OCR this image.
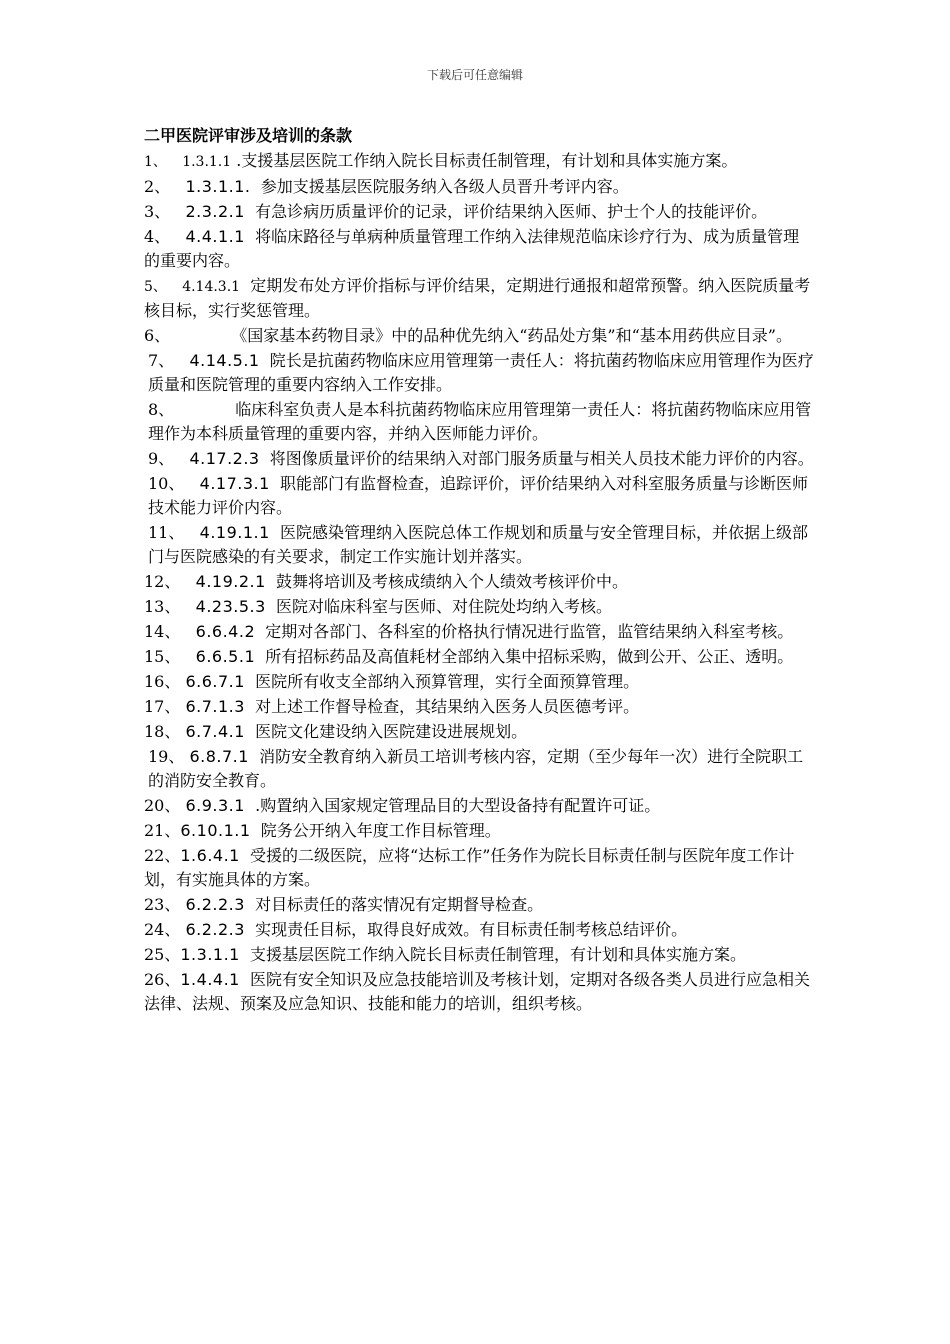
下载后可任意编辑
二甲医院评审涉及培训的条款
1、 1.3.1.1 .支援基层医院工作纳入院长目标责任制管理，有计划和具体实施方案。
2、 1.3.1.1. 参加支援基层医院服务纳入各级人员晋升考评内容。
3、 2.3.2.1 有急诊病历质量评价的记录，评价结果纳入医师、护士个人的技能评价。
4、 4.4.1.1 将临床路径与单病种质量管理工作纳入法律规范临床诊疗行为、成为质量管理的重要内容。
5、 4.14.3.1 定期发布处方评价指标与评价结果，定期进行通报和超常预警。纳入医院质量考核目标，实行奖惩管理。
6、	《国家基本药物目录》中的品种优先纳入“药品处方集”和“基本用药供应目录”。
7、 4.14.5.1 院长是抗菌药物临床应用管理第一责任人：将抗菌药物临床应用管理作为医疗质量和医院管理的重要内容纳入工作安排。
8、	临床科室负责人是本科抗菌药物临床应用管理第一责任人：将抗菌药物临床应用管理作为本科质量管理的重要内容，并纳入医师能力评价。
9、 4.17.2.3 将图像质量评价的结果纳入对部门服务质量与相关人员技术能力评价的内容。
10、 4.17.3.1 职能部门有监督检查，追踪评价，评价结果纳入对科室服务质量与诊断医师技术能力评价内容。
11、 4.19.1.1 医院感染管理纳入医院总体工作规划和质量与安全管理目标，并依据上级部门与医院感染的有关要求，制定工作实施计划并落实。
12、 4.19.2.1 鼓舞将培训及考核成绩纳入个人绩效考核评价中。
13、 4.23.5.3 医院对临床科室与医师、对住院处均纳入考核。
14、 6.6.4.2 定期对各部门、各科室的价格执行情况进行监管，监管结果纳入科室考核。
15、 6.6.5.1 所有招标药品及高值耗材全部纳入集中招标采购，做到公开、公正、透明。
16、 6.6.7.1 医院所有收支全部纳入预算管理，实行全面预算管理。
17、 6.7.1.3 对上述工作督导检查，其结果纳入医务人员医德考评。
18、 6.7.4.1 医院文化建设纳入医院建设进展规划。
19、 6.8.7.1 消防安全教育纳入新员工培训考核内容，定期（至少每年一次）进行全院职工的消防安全教育。
20、 6.9.3.1 .购置纳入国家规定管理品目的大型设备持有配置许可证。
21、6.10.1.1 院务公开纳入年度工作目标管理。
22、1.6.4.1 受援的二级医院，应将“达标工作”任务作为院长目标责任制与医院年度工作计划，有实施具体的方案。
23、 6.2.2.3 对目标责任的落实情况有定期督导检查。
24、 6.2.2.3 实现责任目标，取得良好成效。有目标责任制考核总结评价。
25、1.3.1.1 支援基层医院工作纳入院长目标责任制管理，有计划和具体实施方案。
26、1.4.4.1 医院有安全知识及应急技能培训及考核计划，定期对各级各类人员进行应急相关法律、法规、预案及应急知识、技能和能力的培训，组织考核。
